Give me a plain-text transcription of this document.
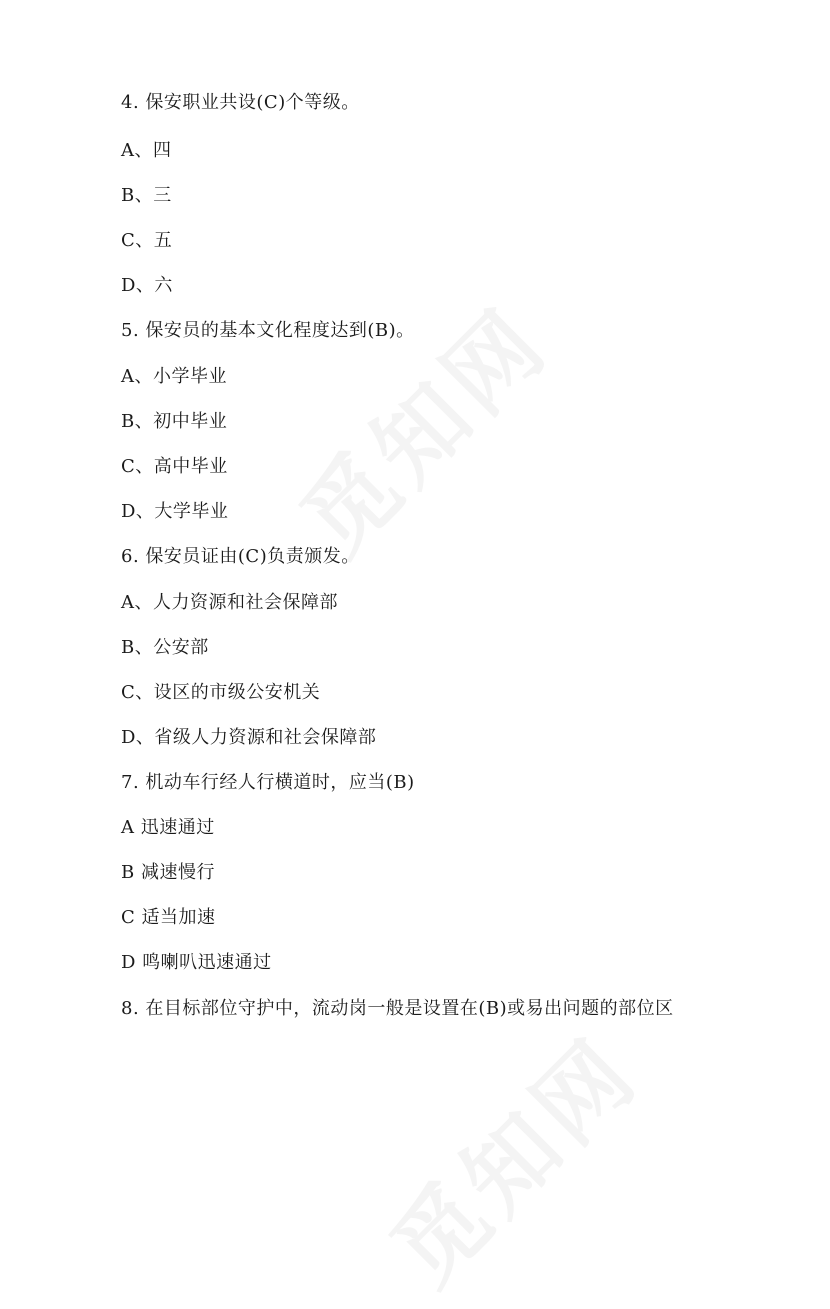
4. 保安职业共设(C)个等级。
A、四
B、三
C、五
D、六
5. 保安员的基本文化程度达到(B)。
A、小学毕业
B、初中毕业
C、高中毕业
D、大学毕业
6. 保安员证由(C)负责颁发。
A、人力资源和社会保障部
B、公安部
C、设区的市级公安机关
D、省级人力资源和社会保障部
7. 机动车行经人行横道时，应当(B)
A 迅速通过
B 减速慢行
C 适当加速
D 鸣喇叭迅速通过
8. 在目标部位守护中，流动岗一般是设置在(B)或易出问题的部位区
